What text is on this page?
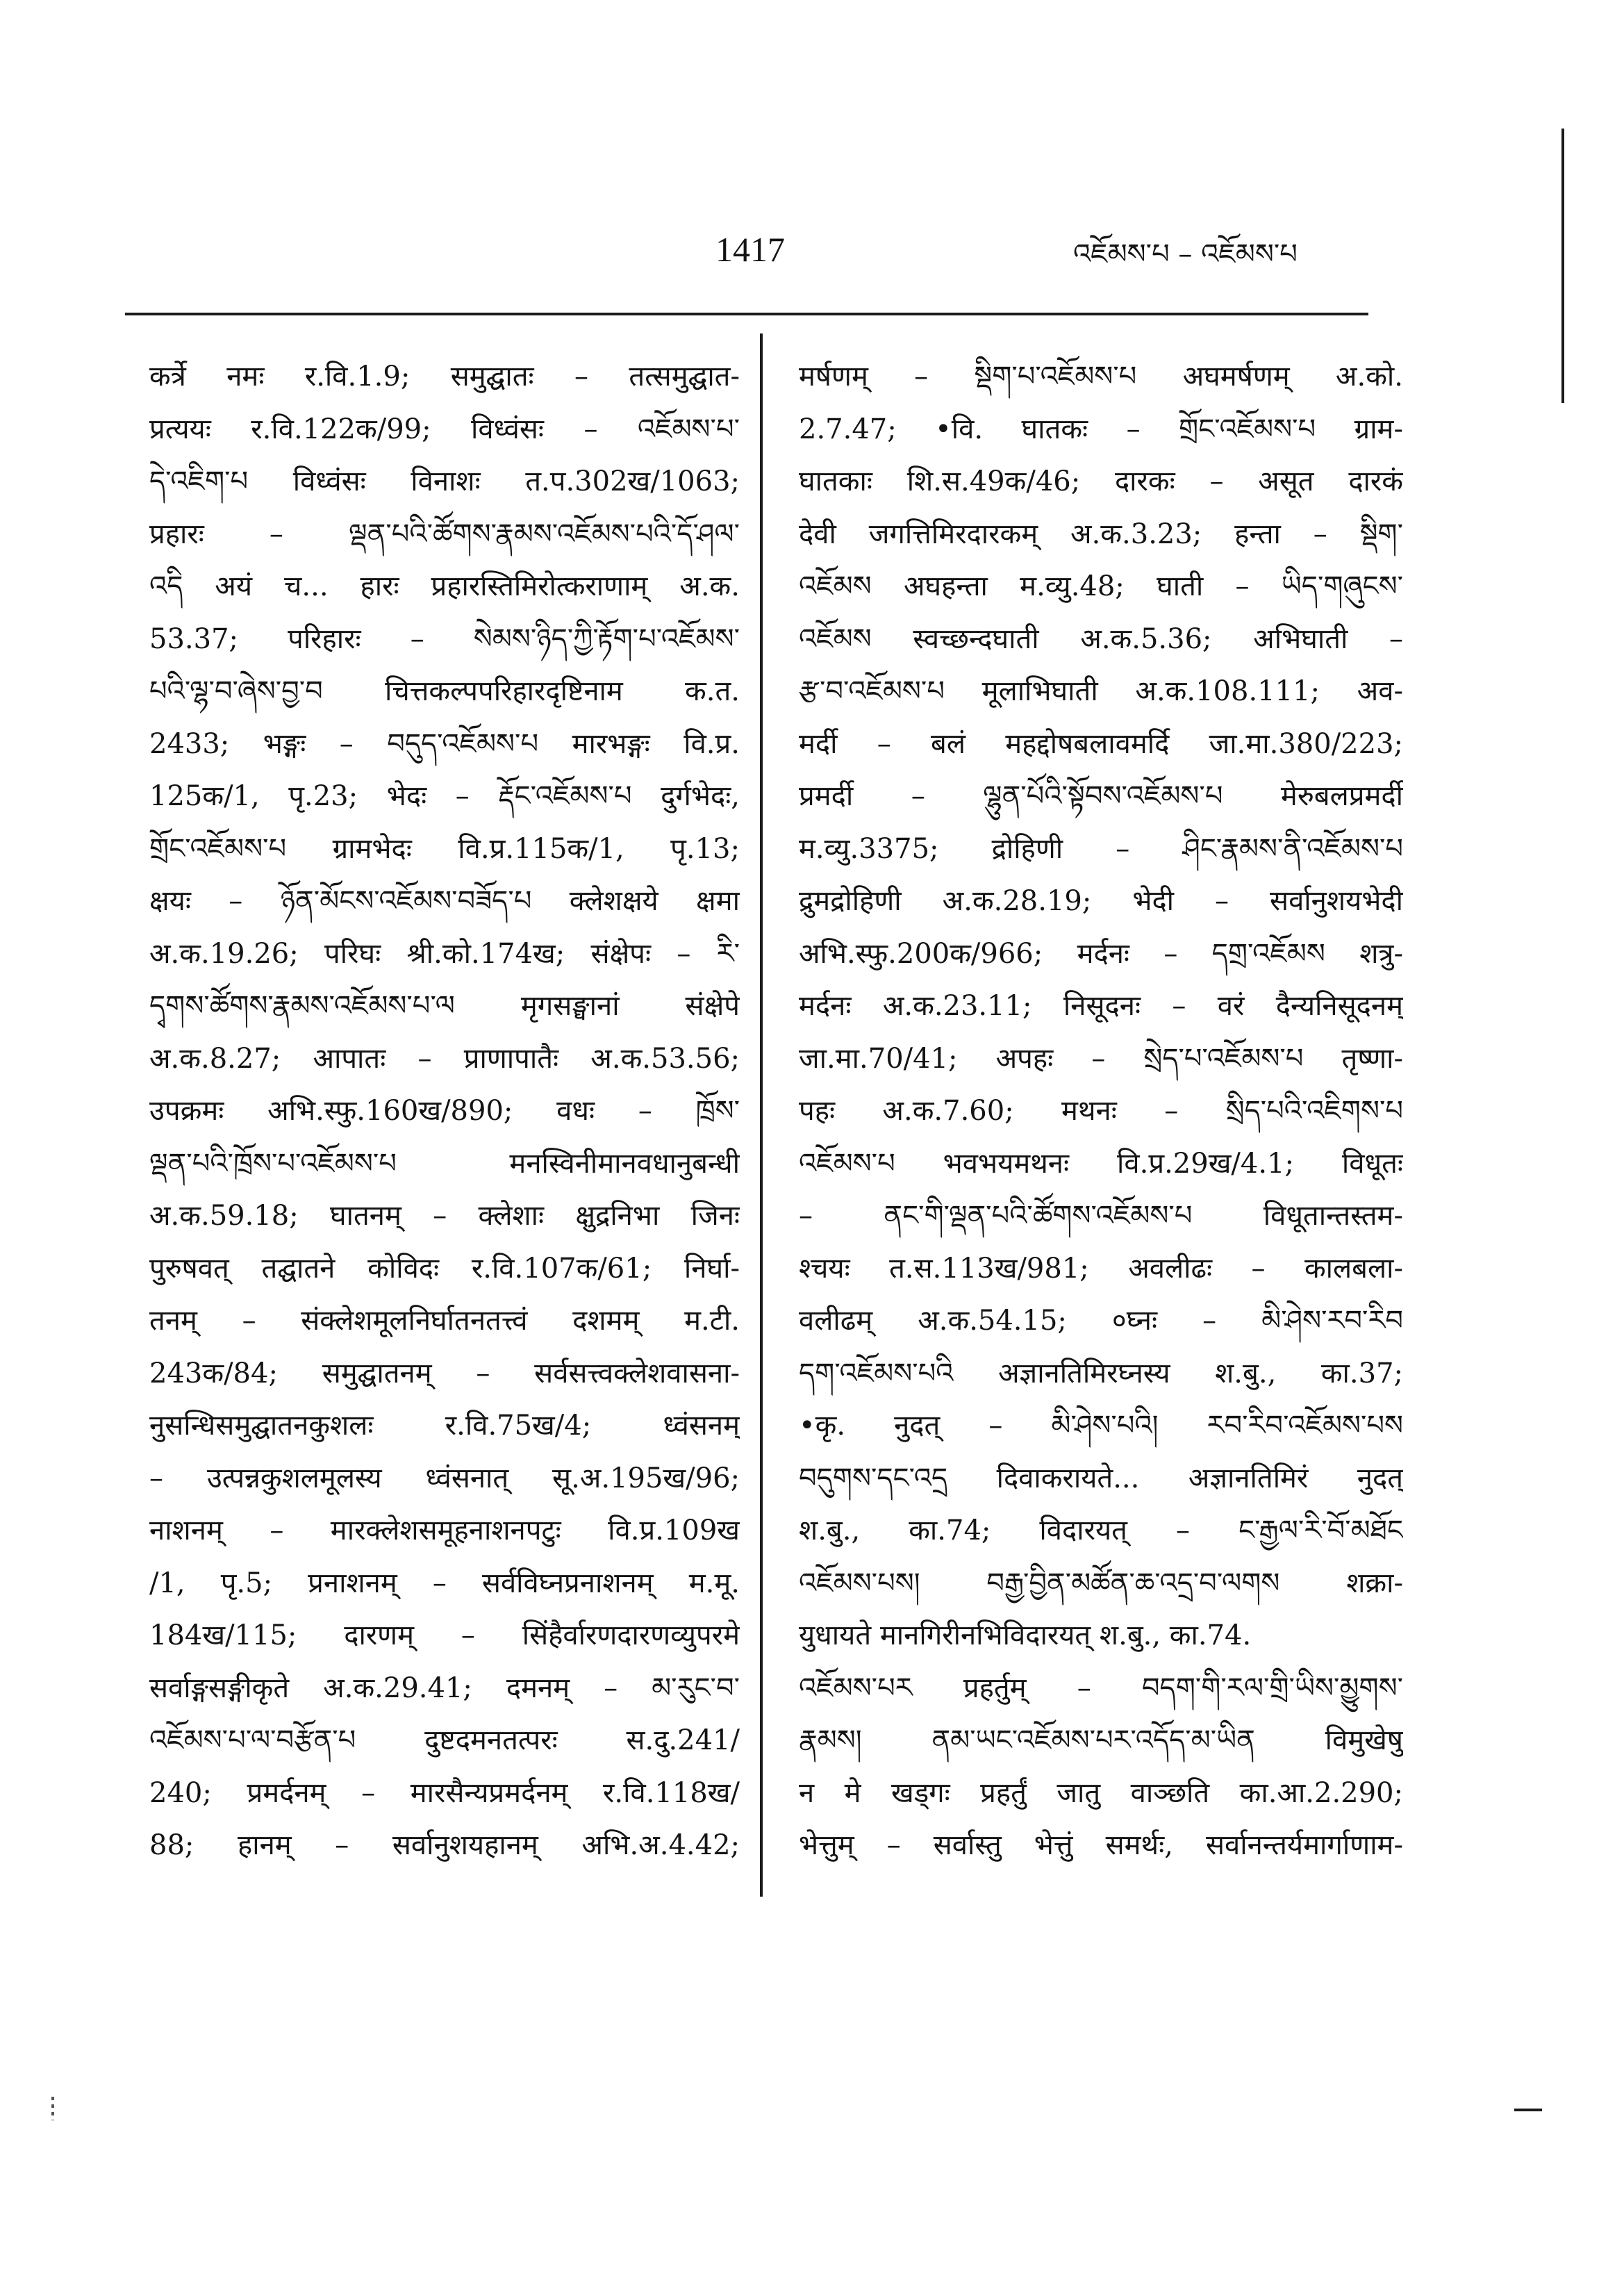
1417	འཇོམས་པ – འཇོམས་པ
कर्त्रे नमः र.वि.1.9; समुद्घातः – तत्समुद्घात-
प्रत्ययः र.वि.122क/99; विध्वंसः – འཇོམས་པ་
དེ་འཇིག་པ विध्वंसः विनाशः त.प.302ख/1063;
प्रहारः – ལྡན་པའི་ཚོགས་རྣམས་འཇོམས་པའི་དོ་ཤལ་
འདི अयं च... हारः प्रहारस्तिमिरोत्कराणाम् अ.क.
53.37; परिहारः – སེམས་ཉིད་ཀྱི་རྟོག་པ་འཇོམས་
པའི་ལྷ་བ་ཞེས་བྱ་བ चित्तकल्पपरिहारदृष्टिनाम क.त.
2433; भङ्गः – བདུད་འཇོམས་པ मारभङ्गः वि.प्र.
125क/1, पृ.23; भेदः – རྡོང་འཇོམས་པ दुर्गभेदः,
གྲོང་འཇོམས་པ ग्रामभेदः वि.प्र.115क/1, पृ.13;
क्षयः – ཉོན་མོངས་འཇོམས་བཟོད་པ क्लेशक्षये क्षमा
अ.क.19.26; परिघः श्री.को.174ख; संक्षेपः – རི་
དྭགས་ཚོགས་རྣམས་འཇོམས་པ་ལ मृगसङ्घानां संक्षेपे
अ.क.8.27; आपातः – प्राणापातैः अ.क.53.56;
उपक्रमः अभि.स्फु.160ख/890; वधः – ཁྲོས་
ལྡན་པའི་ཁྲོས་པ་འཇོམས་པ मनस्विनीमानवधानुबन्धी
अ.क.59.18; घातनम् – क्लेशाः क्षुद्रनिभा जिनः
पुरुषवत् तद्घातने कोविदः र.वि.107क/61; निर्घा-
तनम् – संक्लेशमूलनिर्घातनतत्त्वं दशमम् म.टी.
243क/84; समुद्घातनम् – सर्वसत्त्वक्लेशवासना-
नुसन्धिसमुद्घातनकुशलः र.वि.75ख/4; ध्वंसनम्
– उत्पन्नकुशलमूलस्य ध्वंसनात् सू.अ.195ख/96;
नाशनम् – मारक्लेशसमूहनाशनपटुः वि.प्र.109ख
/1, पृ.5; प्रनाशनम् – सर्वविघ्नप्रनाशनम् म.मू.
184ख/115; दारणम् – सिंहैर्वारणदारणव्युपरमे
सर्वाङ्गसङ्गीकृते अ.क.29.41; दमनम् – མ་རུང་བ་
འཇོམས་པ་ལ་བརྩོན་པ दुष्टदमनतत्परः स.दु.241/
240; प्रमर्दनम् – मारसैन्यप्रमर्दनम् र.वि.118ख/
88; हानम् – सर्वानुशयहानम् अभि.अ.4.42;
मर्षणम् – སྡིག་པ་འཇོམས་པ अघमर्षणम् अ.को.
2.7.47; •वि. घातकः – གྲོང་འཇོམས་པ ग्राम-
घातकाः शि.स.49क/46; दारकः – असूत दारकं
देवी जगत्तिमिरदारकम् अ.क.3.23; हन्ता – སྡིག་
འཇོམས अघहन्ता म.व्यु.48; घाती – ཡིད་གཞུངས་
འཇོམས स्वच्छन्दघाती अ.क.5.36; अभिघाती –
རྩ་བ་འཇོམས་པ मूलाभिघाती अ.क.108.111; अव-
मर्दी – बलं महद्दोषबलावमर्दि जा.मा.380/223;
प्रमर्दी – ལྷུན་པོའི་སྟོབས་འཇོམས་པ मेरुबलप्रमर्दी
म.व्यु.3375; द्रोहिणी – ཤིང་རྣམས་ནི་འཇོམས་པ
द्रुमद्रोहिणी अ.क.28.19; भेदी – सर्वानुशयभेदी
अभि.स्फु.200क/966; मर्दनः – དགྲ་འཇོམས शत्रु-
मर्दनः अ.क.23.11; निसूदनः – वरं दैन्यनिसूदनम्
जा.मा.70/41; अपहः – སྲེད་པ་འཇོམས་པ तृष्णा-
पहः अ.क.7.60; मथनः – སྲིད་པའི་འཇིགས་པ
འཇོམས་པ भवभयमथनः वि.प्र.29ख/4.1; विधूतः
– ནང་གི་ལྡན་པའི་ཚོགས་འཇོམས་པ विधूतान्तस्तम-
श्चयः त.स.113ख/981; अवलीढः – कालबला-
वलीढम् अ.क.54.15; ०घ्नः – མི་ཤེས་རབ་རིབ
དག་འཇོམས་པའི अज्ञानतिमिरघ्नस्य श.बु., का.37;
•कृ. नुदत् – མི་ཤེས་པའི། རབ་རིབ་འཇོམས་པས
བདུགས་དང་འདྲ दिवाकरायते... अज्ञानतिमिरं नुदत्
श.बु., का.74; विदारयत् – ང་རྒྱལ་རི་བོ་མཐོང
འཇོམས་པས། བརྒྱ་བྱིན་མཚོན་ཆ་འདྲ་བ་ལགས शक्रा-
युधायते मानगिरीनभिविदारयत् श.बु., का.74.
འཇོམས་པར प्रहर्तुम् – བདག་གི་རལ་གྲི་ཡིས་མྱུགས་
རྣམས། ནམ་ཡང་འཇོམས་པར་འདོད་མ་ཡིན विमुखेषु
न मे खड्गः प्रहर्तुं जातु वाञ्छति का.आ.2.290;
भेत्तुम् – सर्वास्तु भेत्तुं समर्थः, सर्वानन्तर्यमार्गाणाम-
